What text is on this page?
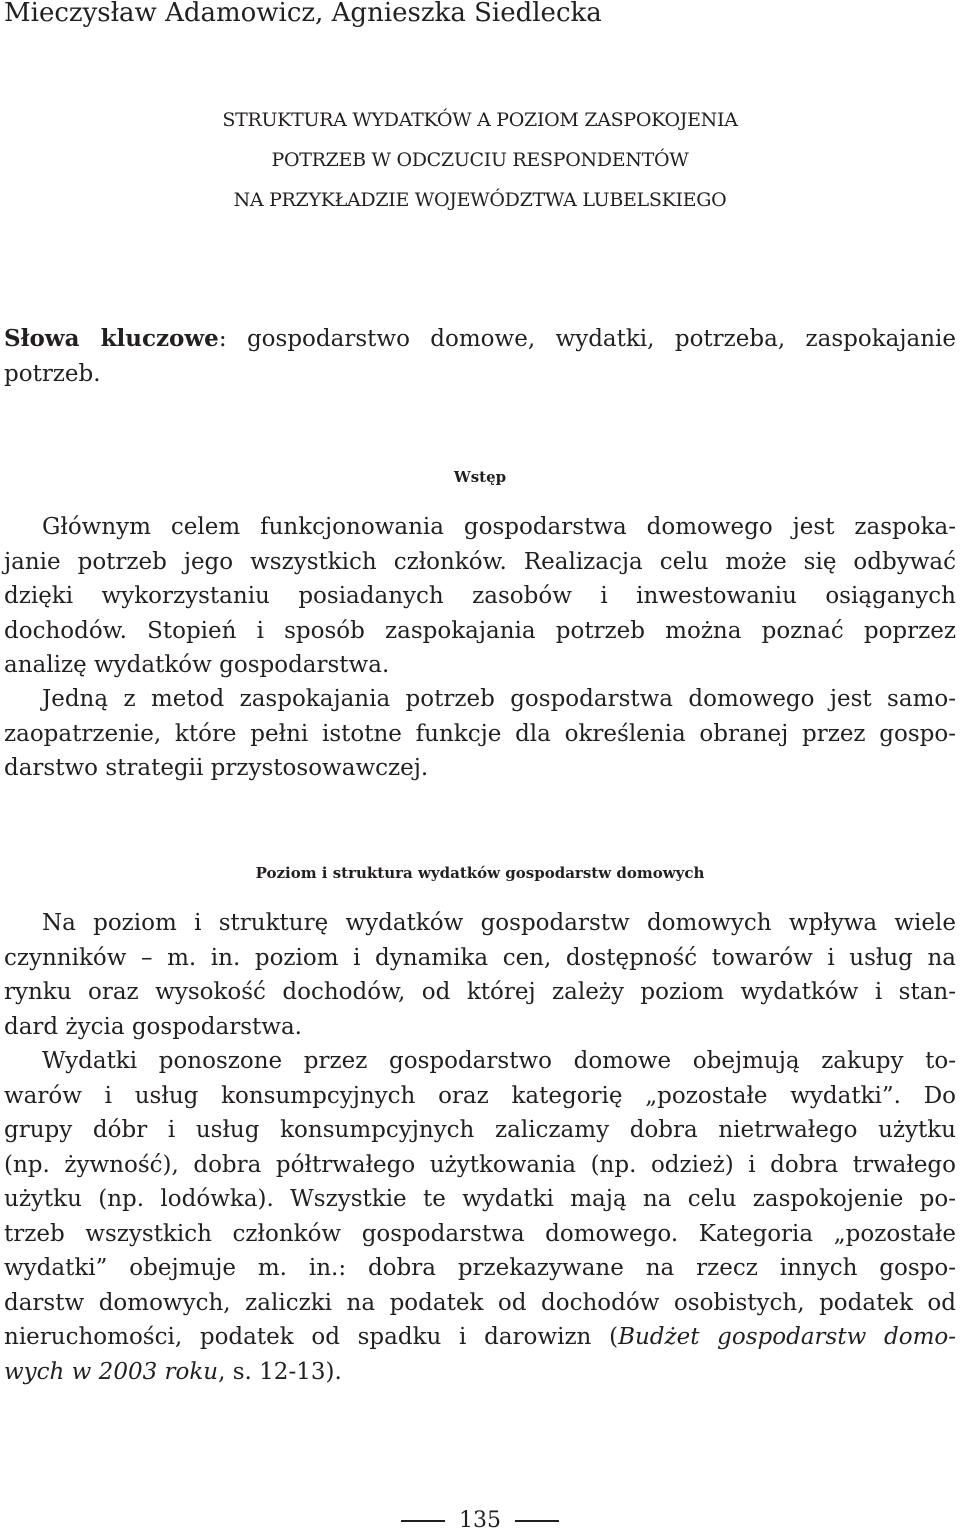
Mieczysław Adamowicz, Agnieszka Siedlecka
STRUKTURA WYDATKÓW A POZIOM ZASPOKOJENIA
POTRZEB W ODCZUCIU RESPONDENTÓW
NA PRZYKŁADZIE WOJEWÓDZTWA LUBELSKIEGO
Słowa kluczowe: gospodarstwo domowe, wydatki, potrzeba, zaspokajanie
potrzeb.
Wstęp
Głównym celem funkcjonowania gospodarstwa domowego jest zaspoka-
janie potrzeb jego wszystkich członków. Realizacja celu może się odbywać
dzięki wykorzystaniu posiadanych zasobów i inwestowaniu osiąganych
dochodów. Stopień i sposób zaspokajania potrzeb można poznać poprzez
analizę wydatków gospodarstwa.
Jedną z metod zaspokajania potrzeb gospodarstwa domowego jest samo-
zaopatrzenie, które pełni istotne funkcje dla określenia obranej przez gospo-
darstwo strategii przystosowawczej.
Poziom i struktura wydatków gospodarstw domowych
Na poziom i strukturę wydatków gospodarstw domowych wpływa wiele
czynników – m. in. poziom i dynamika cen, dostępność towarów i usług na
rynku oraz wysokość dochodów, od której zależy poziom wydatków i stan-
dard życia gospodarstwa.
Wydatki ponoszone przez gospodarstwo domowe obejmują zakupy to-
warów i usług konsumpcyjnych oraz kategorię „pozostałe wydatki”. Do
grupy dóbr i usług konsumpcyjnych zaliczamy dobra nietrwałego użytku
(np. żywność), dobra półtrwałego użytkowania (np. odzież) i dobra trwałego
użytku (np. lodówka). Wszystkie te wydatki mają na celu zaspokojenie po-
trzeb wszystkich członków gospodarstwa domowego. Kategoria „pozostałe
wydatki” obejmuje m. in.: dobra przekazywane na rzecz innych gospo-
darstw domowych, zaliczki na podatek od dochodów osobistych, podatek od
nieruchomości, podatek od spadku i darowizn (Budżet gospodarstw domo-
wych w 2003 roku, s. 12-13).
135
